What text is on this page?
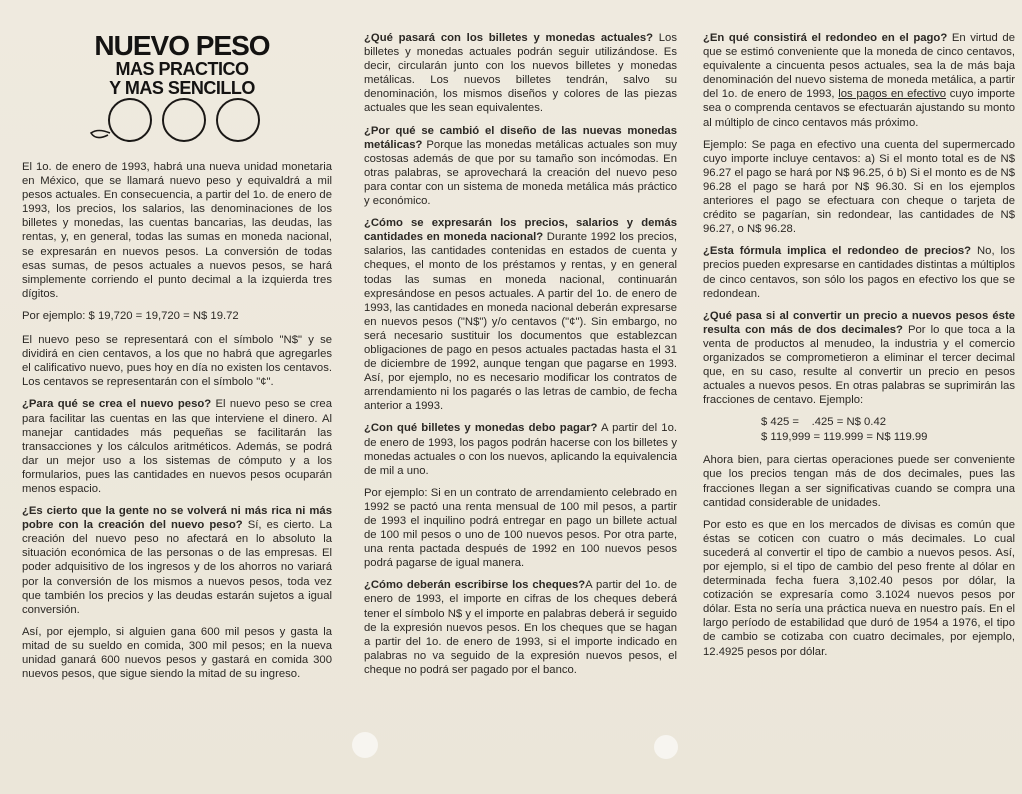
NUEVO PESO
MAS PRACTICO
Y MAS SENCILLO

El 1o. de enero de 1993, habrá una nueva unidad monetaria en México, que se llamará nuevo peso y equivaldrá a mil pesos actuales. En consecuencia, a partir del 1o. de enero de 1993, los precios, los salarios, las denominaciones de los billetes y monedas, las cuentas bancarias, las deudas, las rentas, y, en general, todas las sumas en moneda nacional, se expresarán en nuevos pesos. La conversión de todas esas sumas, de pesos actuales a nuevos pesos, se hará simplemente corriendo el punto decimal a la izquierda tres dígitos.

Por ejemplo: $ 19,720 = 19,720 = N$ 19.72

El nuevo peso se representará con el símbolo "N$" y se dividirá en cien centavos, a los que no habrá que agregarles el calificativo nuevo, pues hoy en día no existen los centavos. Los centavos se representarán con el símbolo "¢".

¿Para qué se crea el nuevo peso? El nuevo peso se crea para facilitar las cuentas en las que interviene el dinero. Al manejar cantidades más pequeñas se facilitarán las transacciones y los cálculos aritméticos. Además, se podrá dar un mejor uso a los sistemas de cómputo y a los formularios, pues las cantidades en nuevos pesos ocuparán menos espacio.

¿Es cierto que la gente no se volverá ni más rica ni más pobre con la creación del nuevo peso? Sí, es cierto. La creación del nuevo peso no afectará en lo absoluto la situación económica de las personas o de las empresas. El poder adquisitivo de los ingresos y de los ahorros no variará por la conversión de los mismos a nuevos pesos, toda vez que también los precios y las deudas estarán sujetos a igual conversión.

Así, por ejemplo, si alguien gana 600 mil pesos y gasta la mitad de su sueldo en comida, 300 mil pesos; en la nueva unidad ganará 600 nuevos pesos y gastará en comida 300 nuevos pesos, que sigue siendo la mitad de su ingreso.

¿Qué pasará con los billetes y monedas actuales? Los billetes y monedas actuales podrán seguir utilizándose. Es decir, circularán junto con los nuevos billetes y monedas metálicas. Los nuevos billetes tendrán, salvo su denominación, los mismos diseños y colores de las piezas actuales que les sean equivalentes.

¿Por qué se cambió el diseño de las nuevas monedas metálicas? Porque las monedas metálicas actuales son muy costosas además de que por su tamaño son incómodas. En otras palabras, se aprovechará la creación del nuevo peso para contar con un sistema de moneda metálica más práctico y económico.

¿Cómo se expresarán los precios, salarios y demás cantidades en moneda nacional? Durante 1992 los precios, salarios, las cantidades contenidas en estados de cuenta y cheques, el monto de los préstamos y rentas, y en general todas las sumas en moneda nacional, continuarán expresándose en pesos actuales. A partir del 1o. de enero de 1993, las cantidades en moneda nacional deberán expresarse en nuevos pesos ("N$") y/o centavos ("¢"). Sin embargo, no será necesario sustituir los documentos que establezcan obligaciones de pago en pesos actuales pactadas hasta el 31 de diciembre de 1992, aunque tengan que pagarse en 1993. Así, por ejemplo, no es necesario modificar los contratos de arrendamiento ni los pagarés o las letras de cambio, de fecha anterior a 1993.

¿Con qué billetes y monedas debo pagar? A partir del 1o. de enero de 1993, los pagos podrán hacerse con los billetes y monedas actuales o con los nuevos, aplicando la equivalencia de mil a uno.

Por ejemplo: Si en un contrato de arrendamiento celebrado en 1992 se pactó una renta mensual de 100 mil pesos, a partir de 1993 el inquilino podrá entregar en pago un billete actual de 100 mil pesos o uno de 100 nuevos pesos. Por otra parte, una renta pactada después de 1992 en 100 nuevos pesos podrá pagarse de igual manera.

¿Cómo deberán escribirse los cheques?A partir del 1o. de enero de 1993, el importe en cifras de los cheques deberá tener el símbolo N$ y el importe en palabras deberá ir seguido de la expresión nuevos pesos. En los cheques que se hagan a partir del 1o. de enero de 1993, si el importe indicado en palabras no va seguido de la expresión nuevos pesos, el cheque no podrá ser pagado por el banco.

¿En qué consistirá el redondeo en el pago? En virtud de que se estimó conveniente que la moneda de cinco centavos, equivalente a cincuenta pesos actuales, sea la de más baja denominación del nuevo sistema de moneda metálica, a partir del 1o. de enero de 1993, los pagos en efectivo cuyo importe sea o comprenda centavos se efectuarán ajustando su monto al múltiplo de cinco centavos más próximo.

Ejemplo: Se paga en efectivo una cuenta del supermercado cuyo importe incluye centavos: a) Si el monto total es de N$ 96.27 el pago se hará por N$ 96.25, ó b) Si el monto es de N$ 96.28 el pago se hará por N$ 96.30. Si en los ejemplos anteriores el pago se efectuara con cheque o tarjeta de crédito se pagarían, sin redondear, las cantidades de N$ 96.27, o N$ 96.28.

¿Esta fórmula implica el redondeo de precios? No, los precios pueden expresarse en cantidades distintas a múltiplos de cinco centavos, son sólo los pagos en efectivo los que se redondean.

¿Qué pasa si al convertir un precio a nuevos pesos éste resulta con más de dos decimales? Por lo que toca a la venta de productos al menudeo, la industria y el comercio organizados se comprometieron a eliminar el tercer decimal que, en su caso, resulte al convertir un precio en pesos actuales a nuevos pesos. En otras palabras se suprimirán las fracciones de centavo. Ejemplo:

$ 425 = .425 = N$ 0.42
$ 119,999 = 119.999 = N$ 119.99

Ahora bien, para ciertas operaciones puede ser conveniente que los precios tengan más de dos decimales, pues las fracciones llegan a ser significativas cuando se compra una cantidad considerable de unidades.

Por esto es que en los mercados de divisas es común que éstas se coticen con cuatro o más decimales. Lo cual sucederá al convertir el tipo de cambio a nuevos pesos. Así, por ejemplo, si el tipo de cambio del peso frente al dólar en determinada fecha fuera 3,102.40 pesos por dólar, la cotización se expresaría como 3.1024 nuevos pesos por dólar. Esta no sería una práctica nueva en nuestro país. En el largo período de estabilidad que duró de 1954 a 1976, el tipo de cambio se cotizaba con cuatro decimales, por ejemplo, 12.4925 pesos por dólar.
